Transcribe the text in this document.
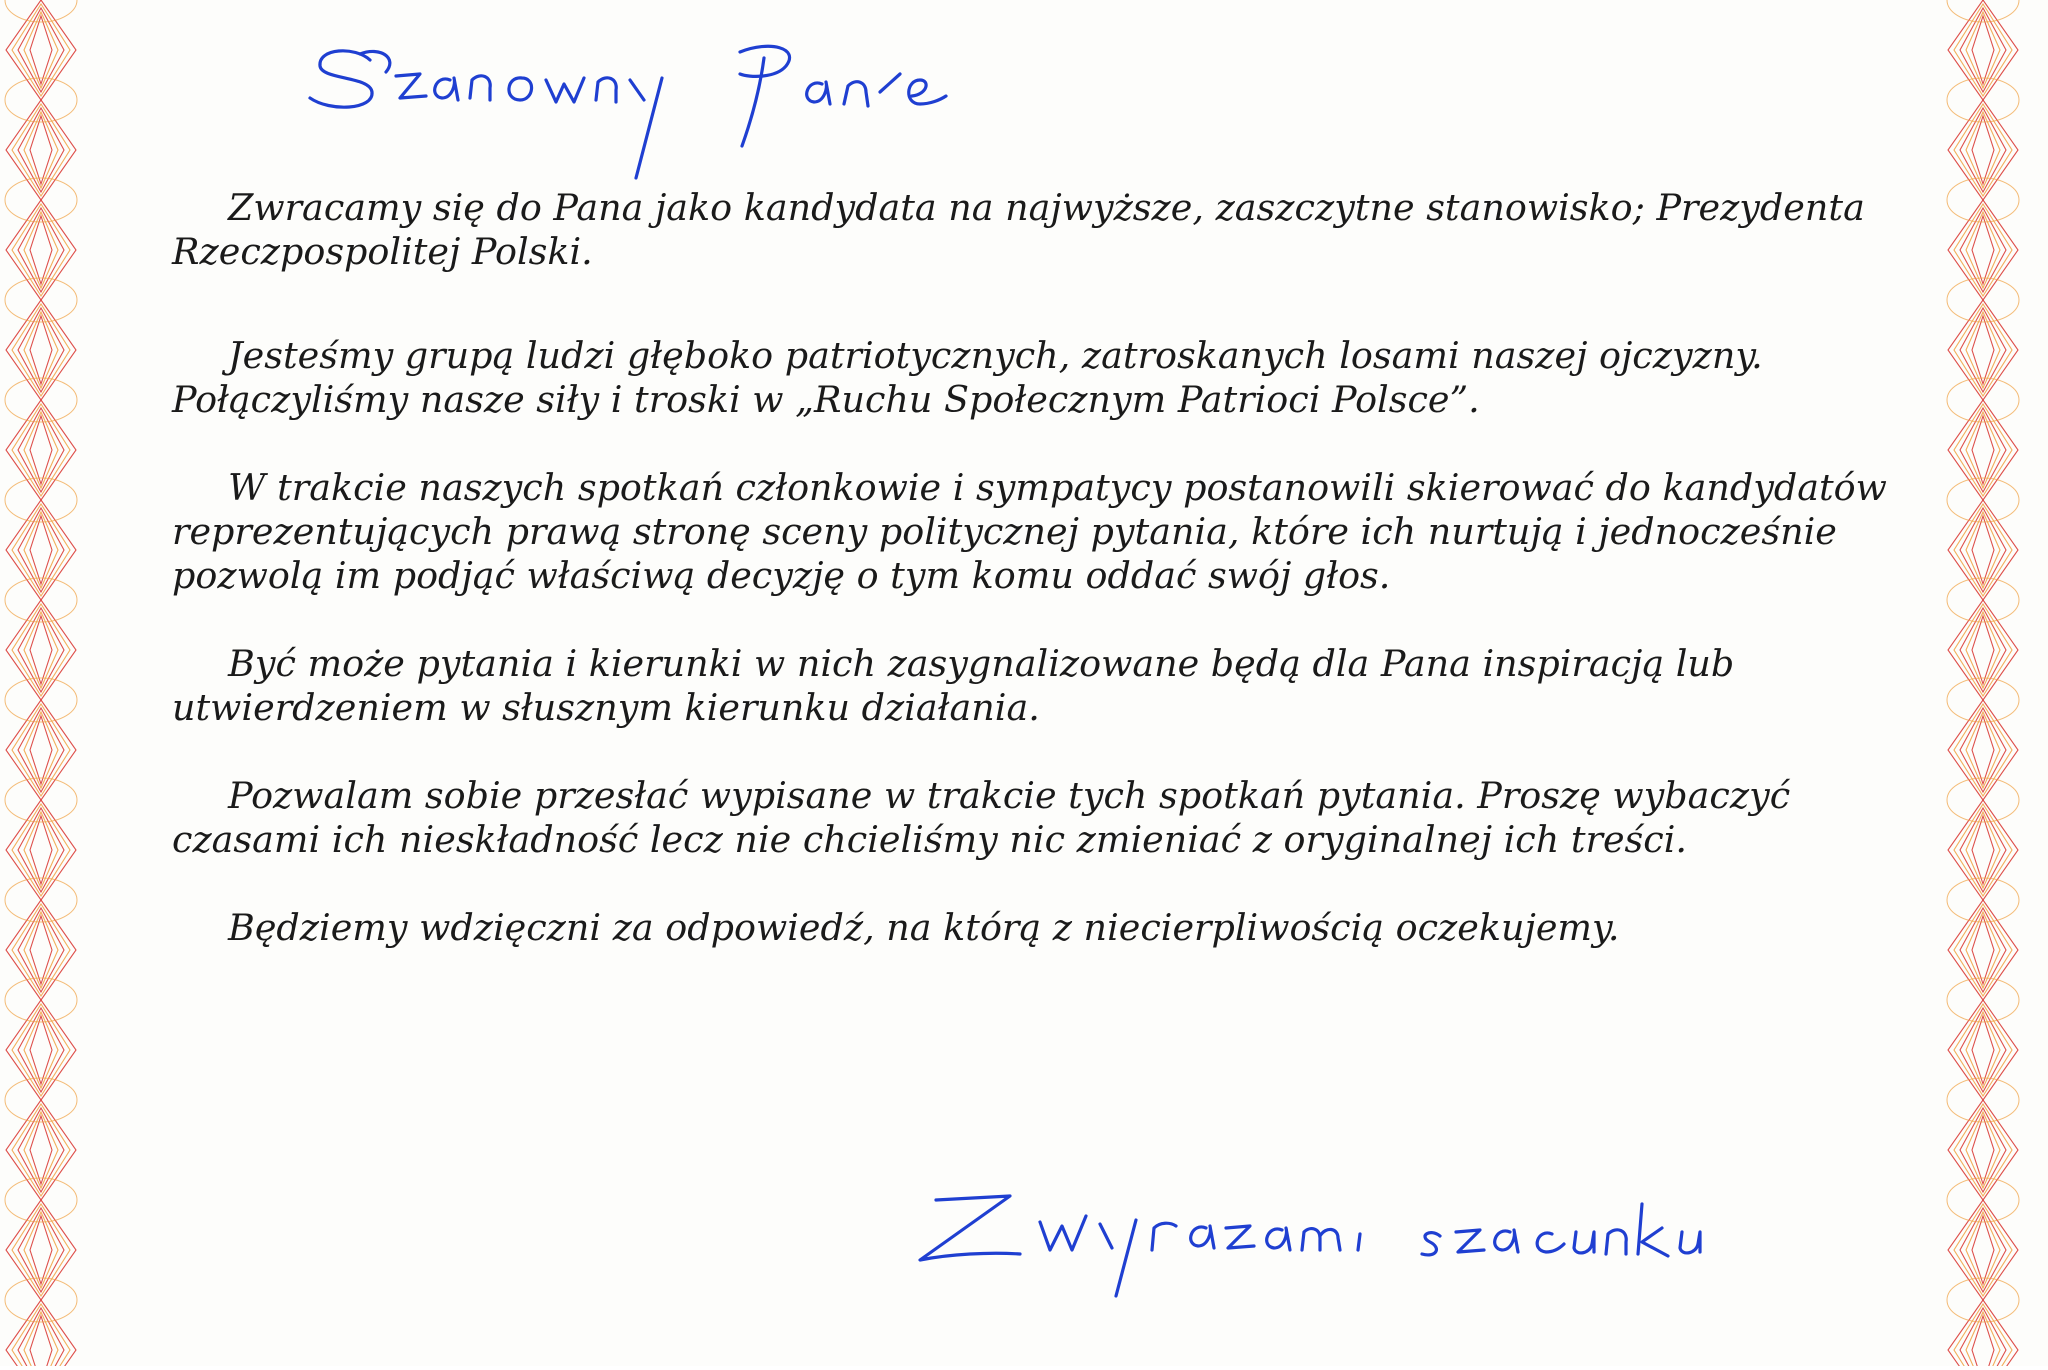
Zwracamy się do Pana jako kandydata na najwyższe, zaszczytne stanowisko; Prezydenta Rzeczpospolitej Polski.

Jesteśmy grupą ludzi głęboko patriotycznych, zatroskanych losami naszej ojczyzny. Połączyliśmy nasze siły i troski w „Ruchu Społecznym Patrioci Polsce”.

W trakcie naszych spotkań członkowie i sympatycy postanowili skierować do kandydatów reprezentujących prawą stronę sceny politycznej pytania, które ich nurtują i jednocześnie pozwolą im podjąć właściwą decyzję o tym komu oddać swój głos.

Być może pytania i kierunki w nich zasygnalizowane będą dla Pana inspiracją lub utwierdzeniem w słusznym kierunku działania.

Pozwalam sobie przesłać wypisane w trakcie tych spotkań pytania. Proszę wybaczyć czasami ich nieskładność lecz nie chcieliśmy nic zmieniać z oryginalnej ich treści.

Będziemy wdzięczni za odpowiedź, na którą z niecierpliwością oczekujemy.
